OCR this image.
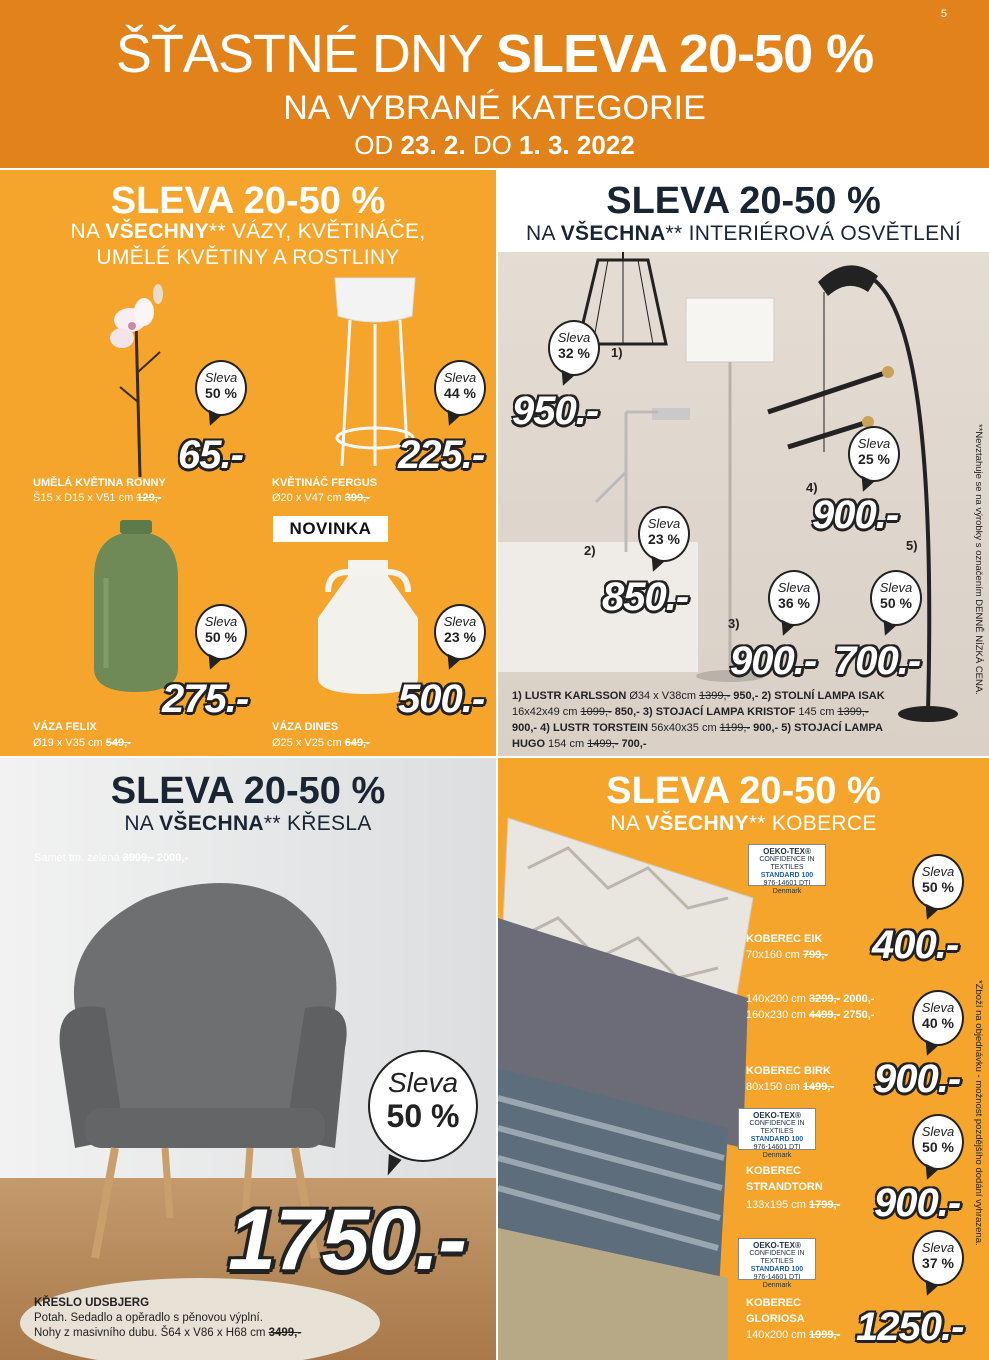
5
ŠŤASTNÉ DNY SLEVA 20-50 %
NA VYBRANÉ KATEGORIE
OD 23. 2. DO 1. 3. 2022
SLEVA 20-50 %
NA VŠECHNY** VÁZY, KVĚTINÁČE,
UMĚLÉ KVĚTINY A ROSTLINY
Sleva
50 %
65.-
UMĚLÁ KVĚTINA RONNY
Š15 x D15 x V51 cm 129,-
Sleva
44 %
225.-
KVĚTINÁČ FERGUS
Ø20 x V47 cm 399,-
NOVINKA
Sleva
50 %
275.-
VÁZA FELIX
Ø19 x V35 cm 549,-
Sleva
23 %
500.-
VÁZA DINES
Ø25 x V25 cm 649,-
SLEVA 20-50 %
NA VŠECHNA** INTERIÉROVÁ OSVĚTLENÍ
1)
2)
3)
4)
5)
Sleva
32 %
950.-
Sleva
23 %
850.-	Sleva
36 %
900.-
Sleva
25 %
900.-
Sleva
50 %
700.-
1) LUSTR KARLSSON Ø34 x V38cm 1399,- 950,- 2) STOLNÍ LAMPA ISAK 16x42x49 cm 1099,- 850,- 3) STOJACÍ LAMPA KRISTOF 145 cm 1399,- 900,- 4) LUSTR TORSTEIN 56x40x35 cm 1199,- 900,- 5) STOJACÍ LAMPA HUGO 154 cm 1499,- 700,-
**Nevztahuje se na výrobky s označením DENNĚ NÍZKÁ CENA.
SLEVA 20-50 %
NA VŠECHNA** KŘESLA
Samet tm. zelená 3999,- 2000,-
Sleva
50 %
1750.-
KŘESLO UDSBJERG
Potah. Sedadlo a opěradlo s pěnovou výplní.
Nohy z masivního dubu. Š64 x V86 x H68 cm 3499,-
SLEVA 20-50 %
NA VŠECHNY** KOBERCE
OEKO-TEX®
CONFIDENCE IN TEXTILES
STANDARD 100
976-14601 DTI Denmark
OEKO-TEX®
CONFIDENCE IN TEXTILES
STANDARD 100
976-14601 DTI Denmark
OEKO-TEX®
CONFIDENCE IN TEXTILES
STANDARD 100
976-14601 DTI Denmark
Sleva
50 %
400.-
KOBEREC EIK
70x160 cm 799,-
140x200 cm 3299,- 2000,-
160x230 cm 4499,- 2750,-	Sleva
40 %
900.-
KOBEREC BIRK
80x150 cm 1499,-
Sleva
50 %
900.-
KOBEREC
STRANDTORN
133x195 cm 1799,-
Sleva
37 %
1250.-
KOBEREC
GLORIOSA
140x200 cm 1999,-
*Zboží na objednávku - možnost pozdějšího dodání vyhrazena.
